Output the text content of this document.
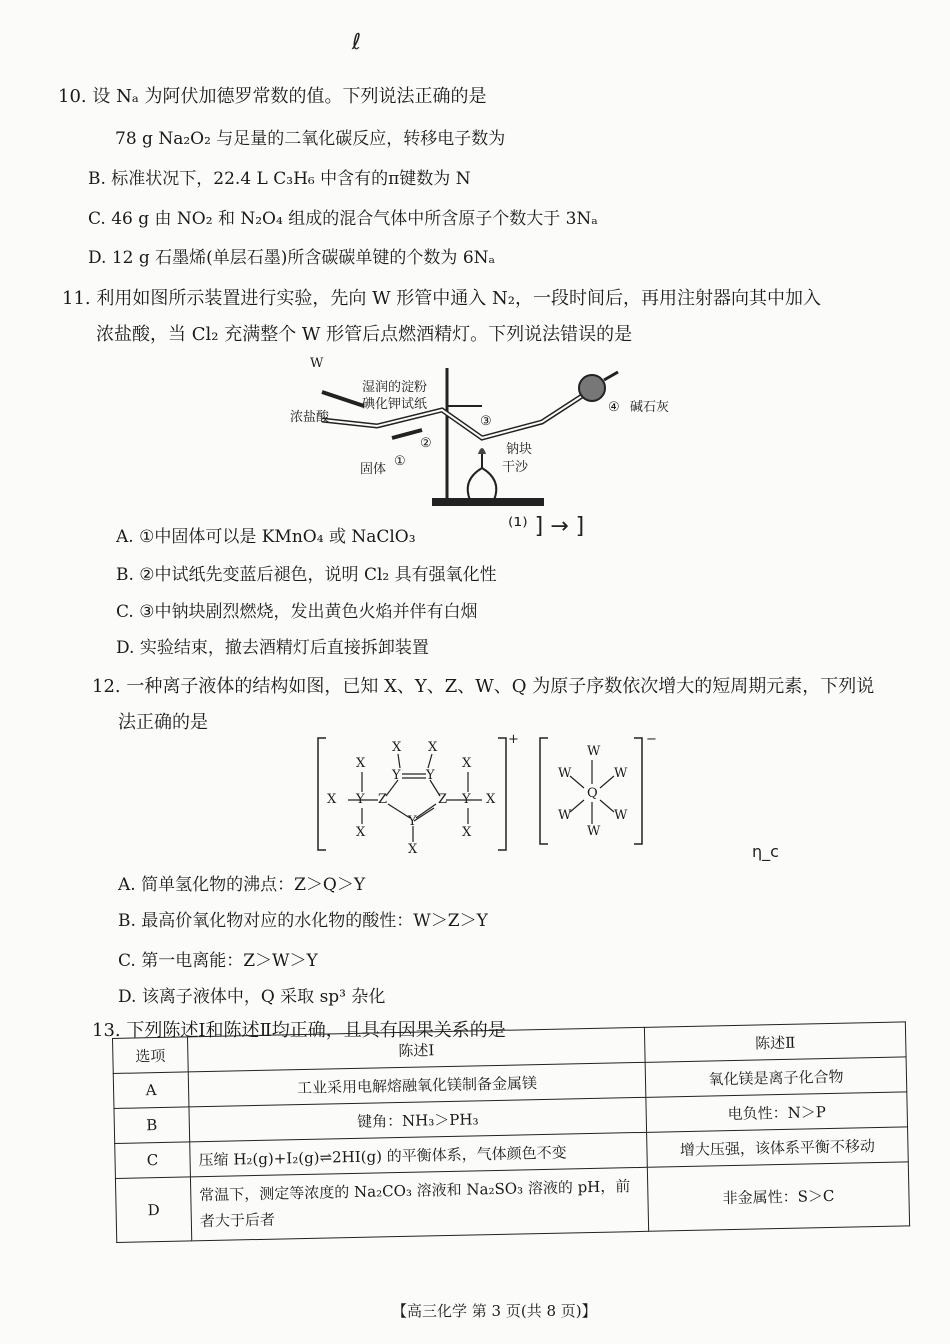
ℓ
10. 设 Nₐ 为阿伏加德罗常数的值。下列说法正确的是
78 g Na₂O₂ 与足量的二氧化碳反应，转移电子数为
B. 标准状况下，22.4 L C₃H₆ 中含有的π键数为 N
C. 46 g 由 NO₂ 和 N₂O₄ 组成的混合气体中所含原子个数大于 3Nₐ
D. 12 g 石墨烯(单层石墨)所含碳碳单键的个数为 6Nₐ
11. 利用如图所示装置进行实验，先向 W 形管中通入 N₂，一段时间后，再用注射器向其中加入
浓盐酸，当 Cl₂ 充满整个 W 形管后点燃酒精灯。下列说法错误的是
W
浓盐酸
湿润的淀粉
碘化钾试纸
固体
①
②
③
④
钠块
干沙
碱石灰
A. ①中固体可以是 KMnO₄ 或 NaClO₃	⁽¹⁾ ] → ]
B. ②中试纸先变蓝后褪色，说明 Cl₂ 具有强氧化性
C. ③中钠块剧烈燃烧，发出黄色火焰并伴有白烟
D. 实验结束，撤去酒精灯后直接拆卸装置
12. 一种离子液体的结构如图，已知 X、Y、Z、W、Q 为原子序数依次增大的短周期元素，下列说
法正确的是
X
X
X Y Z
Y Y
X X
Z
Y
X
Y
X
X
X
+
W
W
W	W
W	W
Q
−
η_c
A. 简单氢化物的沸点：Z＞Q＞Y
B. 最高价氧化物对应的水化物的酸性：W＞Z＞Y
C. 第一电离能：Z＞W＞Y
D. 该离子液体中，Q 采取 sp³ 杂化
13. 下列陈述Ⅰ和陈述Ⅱ均正确，且具有因果关系的是
选项	陈述Ⅰ	陈述Ⅱ
A	工业采用电解熔融氧化镁制备金属镁	氧化镁是离子化合物
B	键角：NH₃＞PH₃	电负性：N＞P
C	压缩 H₂(g)+I₂(g)⇌2HI(g) 的平衡体系，气体颜色不变	增大压强，该体系平衡不移动
D	常温下，测定等浓度的 Na₂CO₃ 溶液和 Na₂SO₃ 溶液的 pH，前者大于后者	非金属性：S＞C
【高三化学 第 3 页(共 8 页)】
